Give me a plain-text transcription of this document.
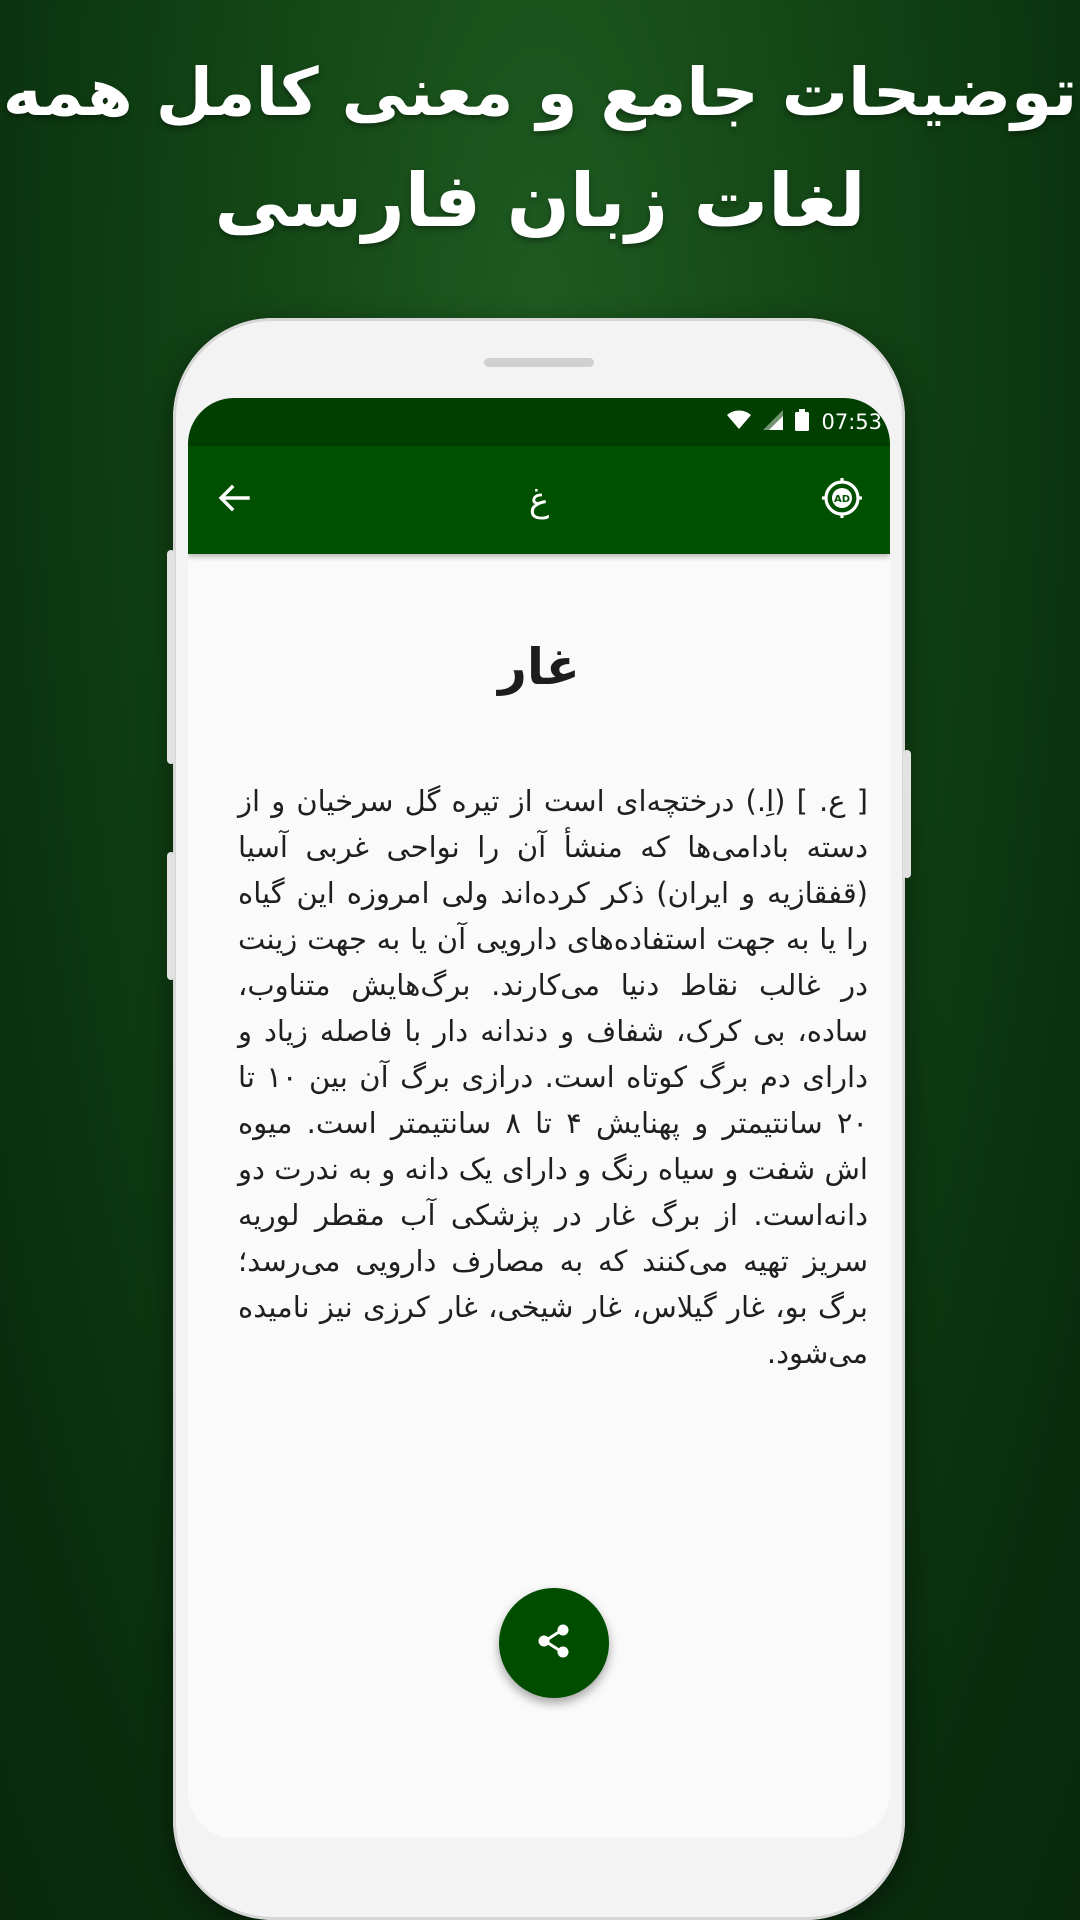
توضیحات جامع و معنی کامل همه
لغات زبان فارسی
07:53
غ	AD
غار
[ ع. ] (اِ.) درختچه‌ای است از تیره گل سرخیان و از دسته بادامی‌ها که منشأ آن را نواحی غربی آسیا (قفقازیه و ایران) ذکر کرده‌اند ولی امروزه این گیاه را یا به جهت استفاده‌های دارویی آن یا به جهت زینت در غالب نقاط دنیا می‌کارند. برگ‌هایش متناوب، ساده، بی کرک، شفاف و دندانه دار با فاصله زیاد و دارای دم برگ کوتاه است. درازی برگ آن بین ۱۰ تا ۲۰ سانتیمتر و پهنایش ۴ تا ۸ سانتیمتر است. میوه اش شفت و سیاه رنگ و دارای یک دانه و به ندرت دو دانه‌است. از برگ غار در پزشکی آب مقطر لوریه سریز تهیه می‌کنند که به مصارف دارویی می‌رسد؛ برگ بو، غار گیلاس، غار شیخی، غار کرزی نیز نامیده می‌شود.
